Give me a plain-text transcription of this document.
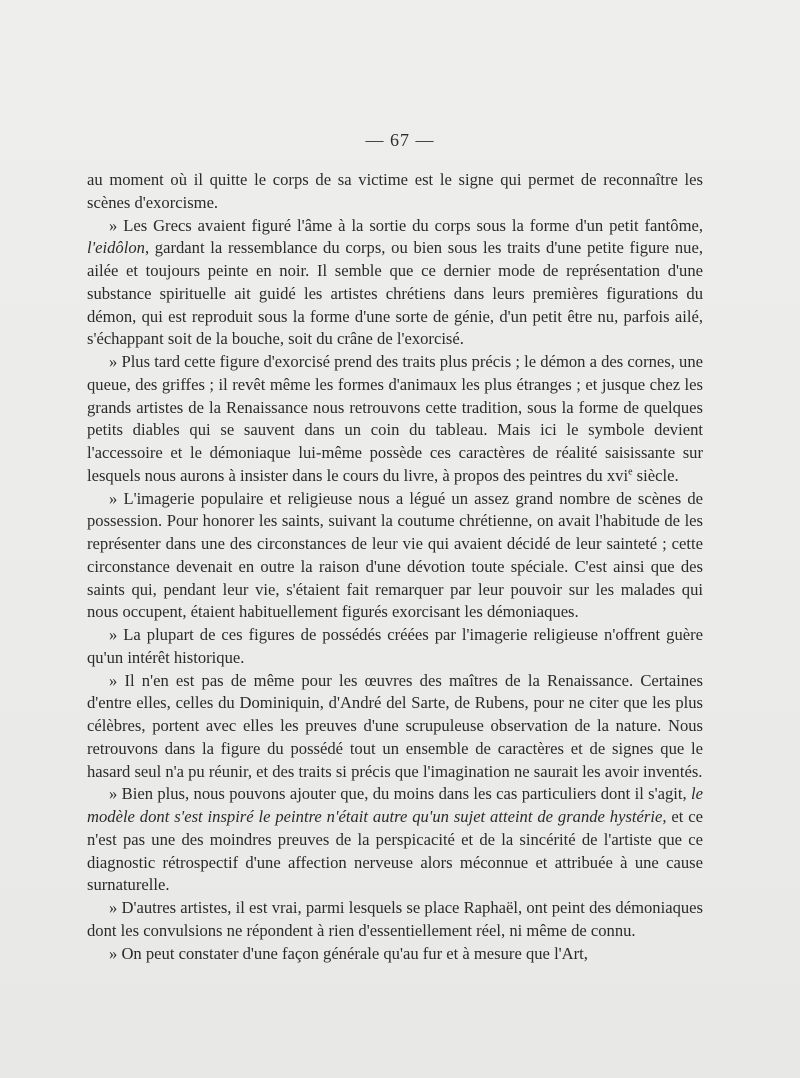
— 67 —

au moment où il quitte le corps de sa victime est le signe qui permet de reconnaître les scènes d'exorcisme.

» Les Grecs avaient figuré l'âme à la sortie du corps sous la forme d'un petit fantôme, l'eidôlon, gardant la ressemblance du corps, ou bien sous les traits d'une petite figure nue, ailée et toujours peinte en noir. Il semble que ce dernier mode de représentation d'une substance spirituelle ait guidé les artistes chrétiens dans leurs premières figurations du démon, qui est reproduit sous la forme d'une sorte de génie, d'un petit être nu, parfois ailé, s'échappant soit de la bouche, soit du crâne de l'exorcisé.

» Plus tard cette figure d'exorcisé prend des traits plus précis ; le démon a des cornes, une queue, des griffes ; il revêt même les formes d'animaux les plus étranges ; et jusque chez les grands artistes de la Renaissance nous retrouvons cette tradition, sous la forme de quelques petits diables qui se sauvent dans un coin du tableau. Mais ici le symbole devient l'accessoire et le démoniaque lui-même possède ces caractères de réalité saisissante sur lesquels nous aurons à insister dans le cours du livre, à propos des peintres du xvi$^e$ siècle.

» L'imagerie populaire et religieuse nous a légué un assez grand nombre de scènes de possession. Pour honorer les saints, suivant la coutume chrétienne, on avait l'habitude de les représenter dans une des circonstances de leur vie qui avaient décidé de leur sainteté ; cette circonstance devenait en outre la raison d'une dévotion toute spéciale. C'est ainsi que des saints qui, pendant leur vie, s'étaient fait remarquer par leur pouvoir sur les malades qui nous occupent, étaient habituellement figurés exorcisant les démoniaques.

» La plupart de ces figures de possédés créées par l'imagerie religieuse n'offrent guère qu'un intérêt historique.

» Il n'en est pas de même pour les œuvres des maîtres de la Renaissance. Certaines d'entre elles, celles du Dominiquin, d'André del Sarte, de Rubens, pour ne citer que les plus célèbres, portent avec elles les preuves d'une scrupuleuse observation de la nature. Nous retrouvons dans la figure du possédé tout un ensemble de caractères et de signes que le hasard seul n'a pu réunir, et des traits si précis que l'imagination ne saurait les avoir inventés.

» Bien plus, nous pouvons ajouter que, du moins dans les cas particuliers dont il s'agit, le modèle dont s'est inspiré le peintre n'était autre qu'un sujet atteint de grande hystérie, et ce n'est pas une des moindres preuves de la perspicacité et de la sincérité de l'artiste que ce diagnostic rétrospectif d'une affection nerveuse alors méconnue et attribuée à une cause surnaturelle.

» D'autres artistes, il est vrai, parmi lesquels se place Raphaël, ont peint des démoniaques dont les convulsions ne répondent à rien d'essentiellement réel, ni même de connu.

» On peut constater d'une façon générale qu'au fur et à mesure que l'Art,
